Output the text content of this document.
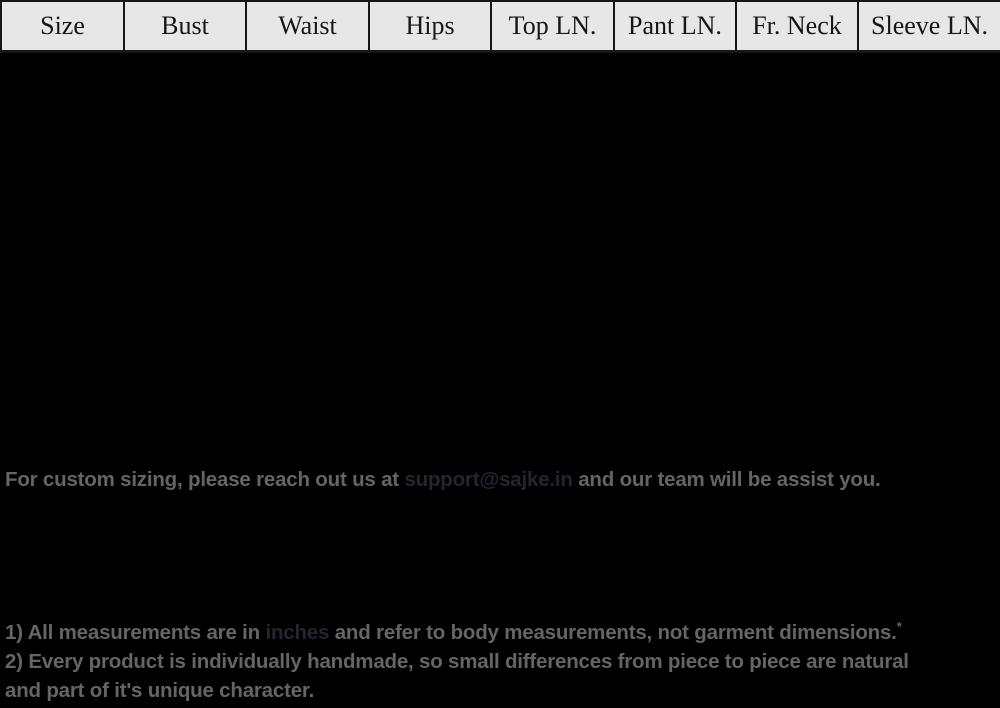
Size	Bust	Waist	Hips	Top LN.	Pant LN.	Fr. Neck	Sleeve LN.
For custom sizing, please reach out us at support@sajke.in and our team will be assist you.
1) All measurements are in inches and refer to body measurements, not garment dimensions.*
2) Every product is individually handmade, so small differences from piece to piece are natural
and part of it's unique character.
